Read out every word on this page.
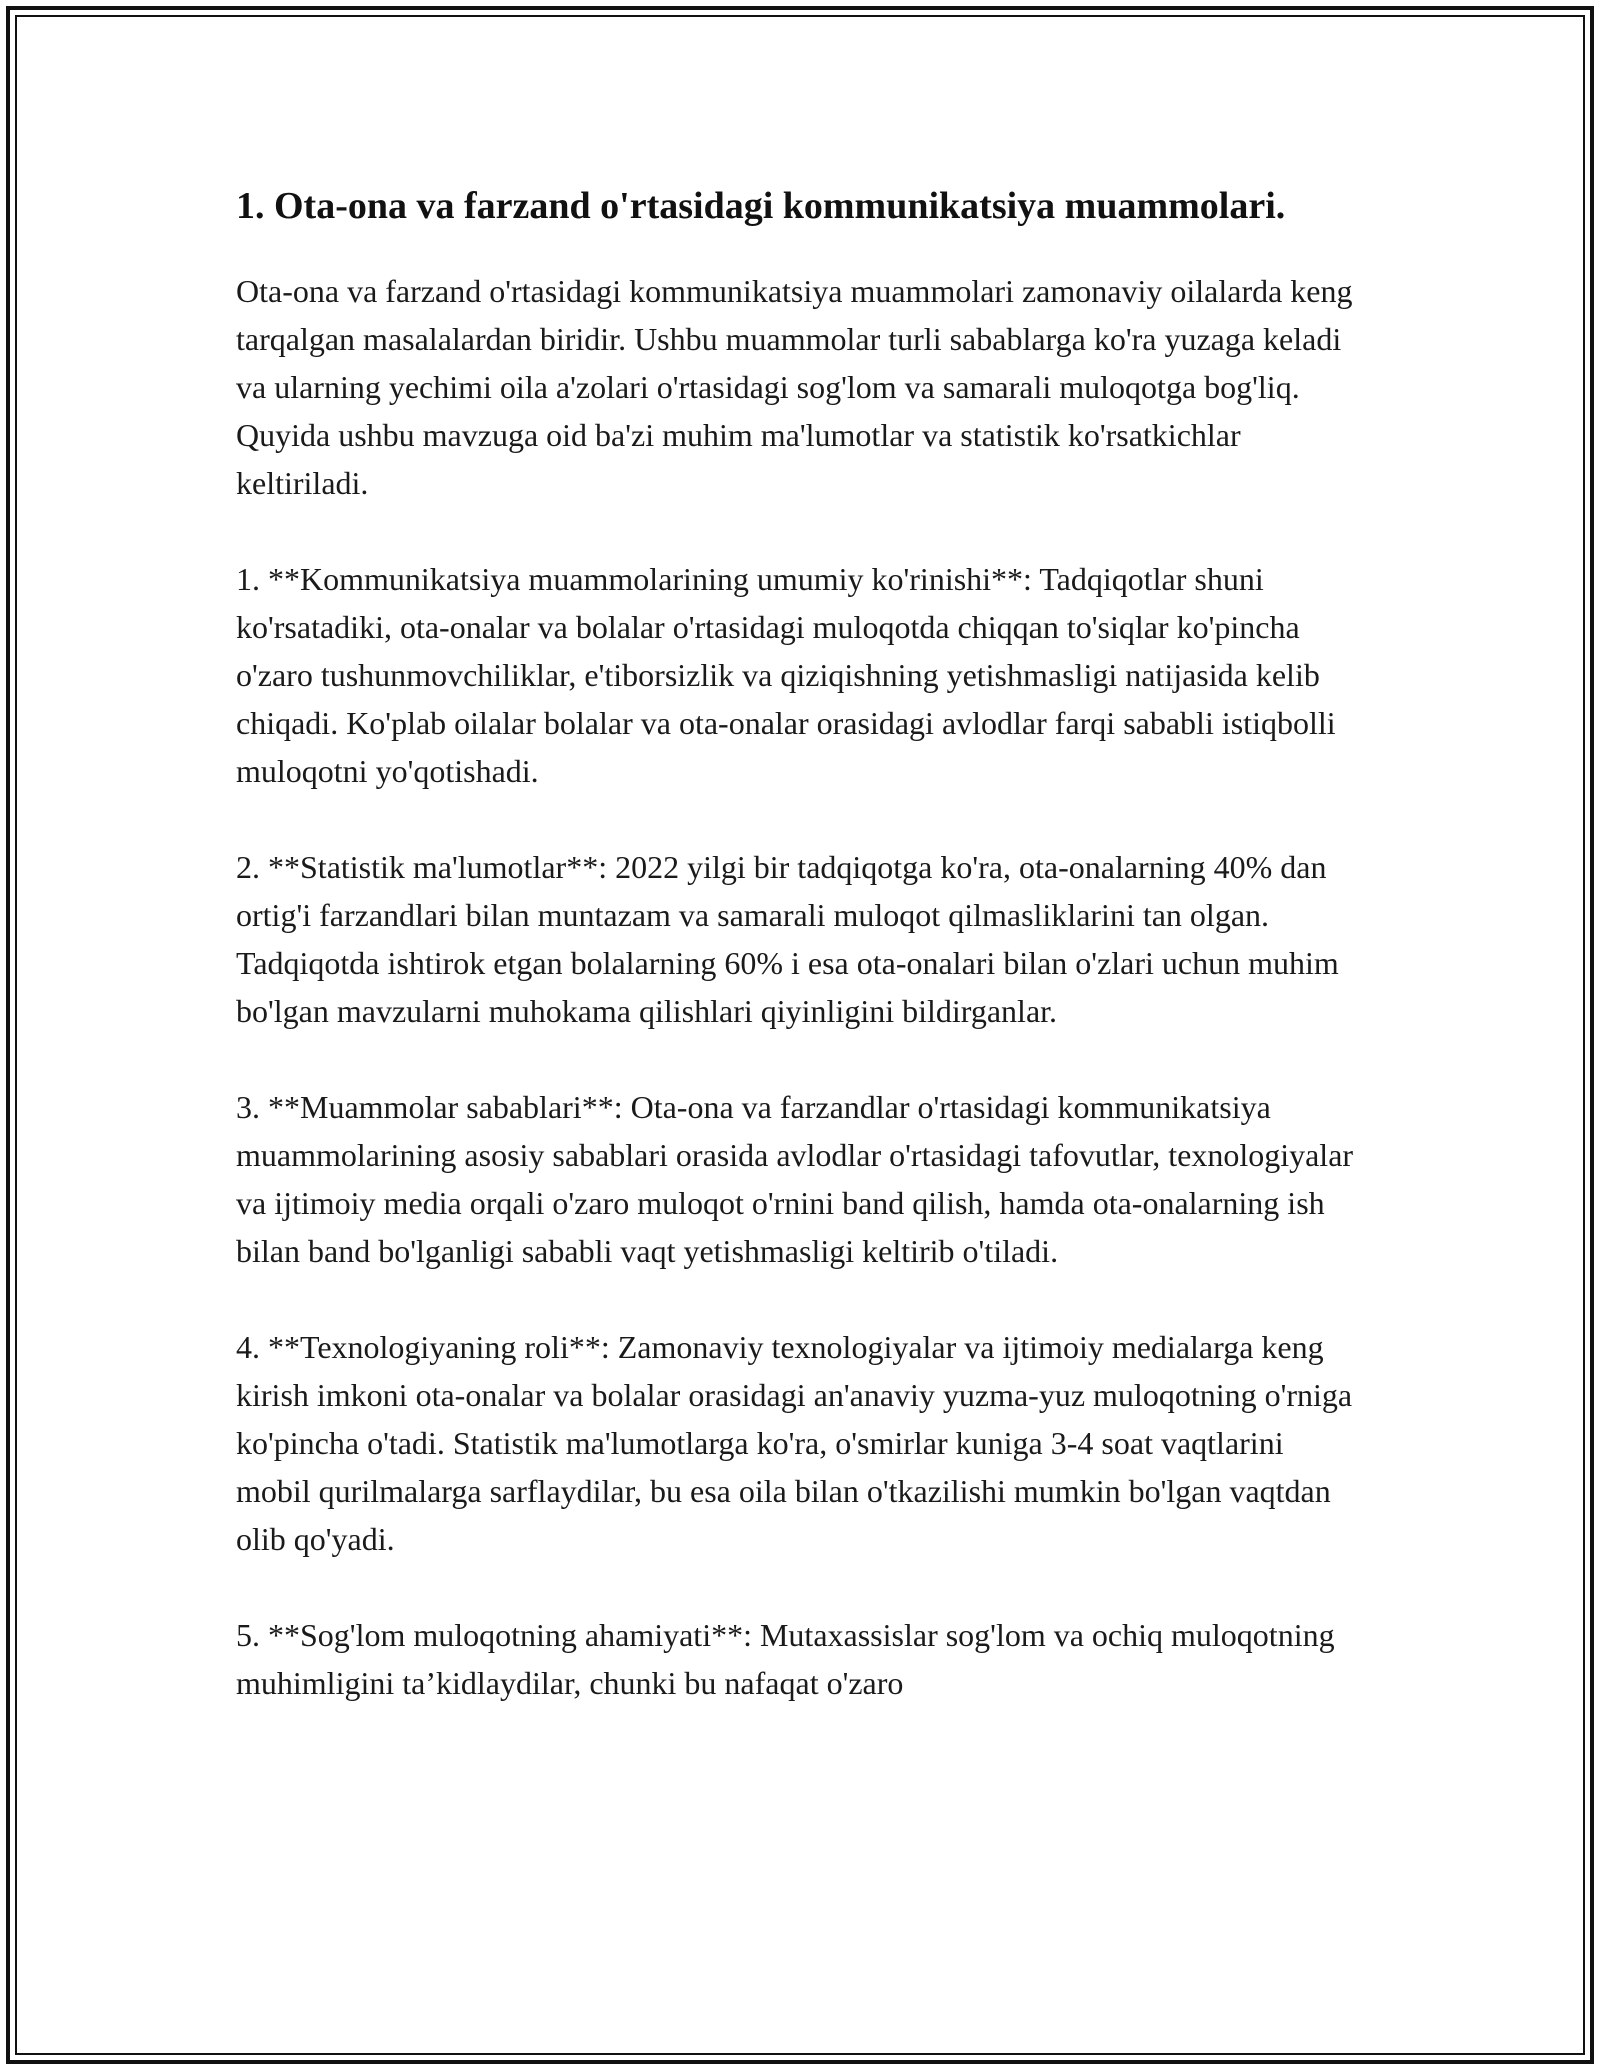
1. Ota-ona va farzand o'rtasidagi kommunikatsiya muammolari.

Ota-ona va farzand o'rtasidagi kommunikatsiya muammolari zamonaviy oilalarda keng tarqalgan masalalardan biridir. Ushbu muammolar turli sabablarga ko'ra yuzaga keladi va ularning yechimi oila a'zolari o'rtasidagi sog'lom va samarali muloqotga bog'liq. Quyida ushbu mavzuga oid ba'zi muhim ma'lumotlar va statistik ko'rsatkichlar keltiriladi.

1. **Kommunikatsiya muammolarining umumiy ko'rinishi**: Tadqiqotlar shuni ko'rsatadiki, ota-onalar va bolalar o'rtasidagi muloqotda chiqqan to'siqlar ko'pincha o'zaro tushunmovchiliklar, e'tiborsizlik va qiziqishning yetishmasligi natijasida kelib chiqadi. Ko'plab oilalar bolalar va ota-onalar orasidagi avlodlar farqi sababli istiqbolli muloqotni yo'qotishadi.

2. **Statistik ma'lumotlar**: 2022 yilgi bir tadqiqotga ko'ra, ota-onalarning 40% dan ortig'i farzandlari bilan muntazam va samarali muloqot qilmasliklarini tan olgan. Tadqiqotda ishtirok etgan bolalarning 60% i esa ota-onalari bilan o'zlari uchun muhim bo'lgan mavzularni muhokama qilishlari qiyinligini bildirganlar.

3. **Muammolar sabablari**: Ota-ona va farzandlar o'rtasidagi kommunikatsiya muammolarining asosiy sabablari orasida avlodlar o'rtasidagi tafovutlar, texnologiyalar va ijtimoiy media orqali o'zaro muloqot o'rnini band qilish, hamda ota-onalarning ish bilan band bo'lganligi sababli vaqt yetishmasligi keltirib o'tiladi.

4. **Texnologiyaning roli**: Zamonaviy texnologiyalar va ijtimoiy medialarga keng kirish imkoni ota-onalar va bolalar orasidagi an'anaviy yuzma-yuz muloqotning o'rniga ko'pincha o'tadi. Statistik ma'lumotlarga ko'ra, o'smirlar kuniga 3-4 soat vaqtlarini mobil qurilmalarga sarflaydilar, bu esa oila bilan o'tkazilishi mumkin bo'lgan vaqtdan olib qo'yadi.

5. **Sog'lom muloqotning ahamiyati**: Mutaxassislar sog'lom va ochiq muloqotning muhimligini ta’kidlaydilar, chunki bu nafaqat o'zaro
